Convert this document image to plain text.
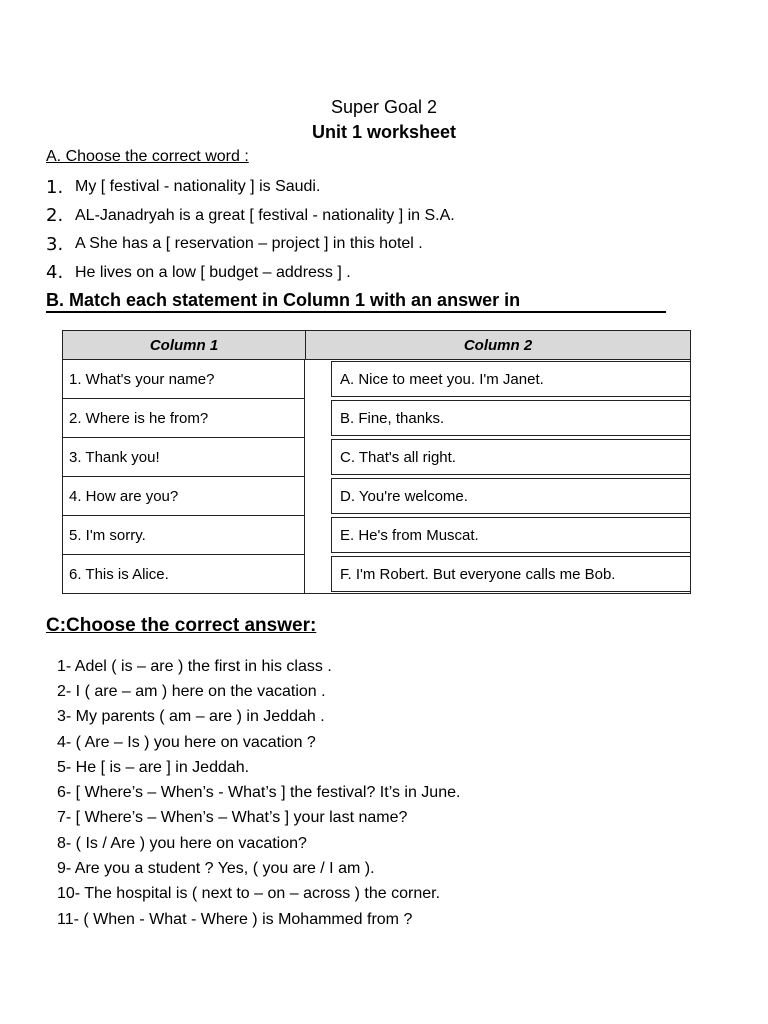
Super Goal 2
Unit 1 worksheet
A. Choose the correct word :
1. My [ festival - nationality ] is Saudi.
2. AL-Janadryah is a great [ festival - nationality ] in S.A.
3. A She has a [ reservation – project ] in this hotel .
4. He lives on a low [ budget – address ] .
B. Match each statement in Column 1 with an answer in
Column 1	Column 2
1. What's your name?	A. Nice to meet you. I'm Janet.
2. Where is he from?	B. Fine, thanks.
3. Thank you!	C. That's all right.
4. How are you?	D. You're welcome.
5. I'm sorry.	E. He's from Muscat.
6. This is Alice.	F. I'm Robert. But everyone calls me Bob.
C:Choose the correct answer:
1- Adel ( is – are ) the first in his class .
2- I ( are – am ) here on the vacation .
3- My parents ( am – are ) in Jeddah .
4- ( Are – Is ) you here on vacation ?
5- He [ is – are ] in Jeddah.
6- [ Where’s – When’s - What’s ] the festival? It’s in June.
7- [ Where’s – When’s – What’s ] your last name?
8- ( Is / Are ) you here on vacation?
9- Are you a student ? Yes, ( you are / I am ).
10- The hospital is ( next to – on – across ) the corner.
11- ( When - What - Where ) is Mohammed from ?
